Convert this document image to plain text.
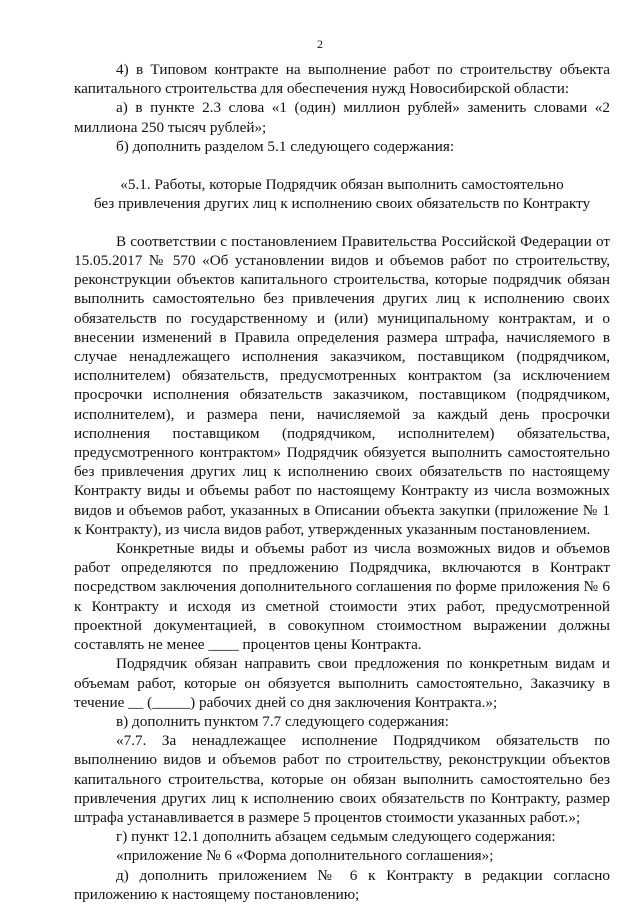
2

4) в Типовом контракте на выполнение работ по строительству объекта капитального строительства для обеспечения нужд Новосибирской области:

а) в пункте 2.3 слова «1 (один) миллион рублей» заменить словами «2 миллиона 250 тысяч рублей»;

б) дополнить разделом 5.1 следующего содержания:

«5.1. Работы, которые Подрядчик обязан выполнить самостоятельно
без привлечения других лиц к исполнению своих обязательств по Контракту

В соответствии с постановлением Правительства Российской Федерации от 15.05.2017 № 570 «Об установлении видов и объемов работ по строительству, реконструкции объектов капитального строительства, которые подрядчик обязан выполнить самостоятельно без привлечения других лиц к исполнению своих обязательств по государственному и (или) муниципальному контрактам, и о внесении изменений в Правила определения размера штрафа, начисляемого в случае ненадлежащего исполнения заказчиком, поставщиком (подрядчиком, исполнителем) обязательств, предусмотренных контрактом (за исключением просрочки исполнения обязательств заказчиком, поставщиком (подрядчиком, исполнителем), и размера пени, начисляемой за каждый день просрочки исполнения поставщиком (подрядчиком, исполнителем) обязательства, предусмотренного контрактом» Подрядчик обязуется выполнить самостоятельно без привлечения других лиц к исполнению своих обязательств по настоящему Контракту виды и объемы работ по настоящему Контракту из числа возможных видов и объемов работ, указанных в Описании объекта закупки (приложение № 1 к Контракту), из числа видов работ, утвержденных указанным постановлением.

Конкретные виды и объемы работ из числа возможных видов и объемов работ определяются по предложению Подрядчика, включаются в Контракт посредством заключения дополнительного соглашения по форме приложения № 6 к Контракту и исходя из сметной стоимости этих работ, предусмотренной проектной документацией, в совокупном стоимостном выражении должны составлять не менее ____ процентов цены Контракта.

Подрядчик обязан направить свои предложения по конкретным видам и объемам работ, которые он обязуется выполнить самостоятельно, Заказчику в течение __ (_____) рабочих дней со дня заключения Контракта.»;

в) дополнить пунктом 7.7 следующего содержания:

«7.7. За ненадлежащее исполнение Подрядчиком обязательств по выполнению видов и объемов работ по строительству, реконструкции объектов капитального строительства, которые он обязан выполнить самостоятельно без привлечения других лиц к исполнению своих обязательств по Контракту, размер штрафа устанавливается в размере 5 процентов стоимости указанных работ.»;

г) пункт 12.1 дополнить абзацем седьмым следующего содержания:

«приложение № 6 «Форма дополнительного соглашения»;

д) дополнить приложением № 6 к Контракту в редакции согласно приложению к настоящему постановлению;
